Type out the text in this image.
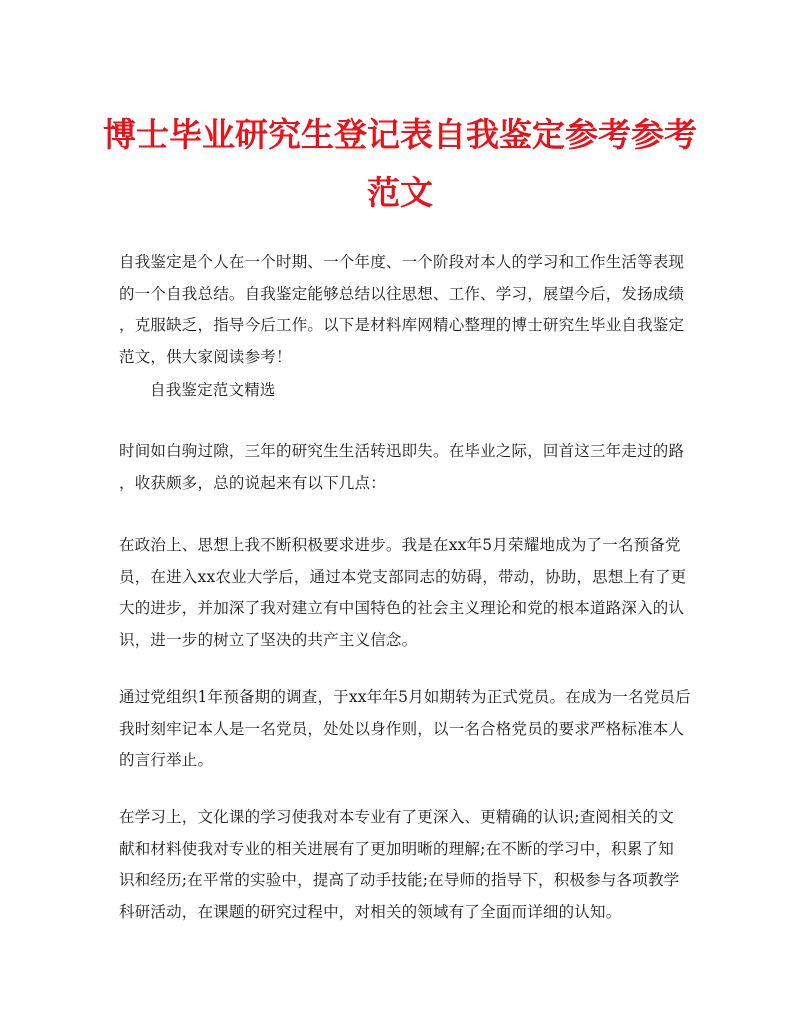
博士毕业研究生登记表自我鉴定参考参考
范文
自我鉴定是个人在一个时期、一个年度、一个阶段对本人的学习和工作生活等表现
的一个自我总结。自我鉴定能够总结以往思想、工作、学习，展望今后，发扬成绩
，克服缺乏，指导今后工作。以下是材料库网精心整理的博士研究生毕业自我鉴定
范文，供大家阅读参考！
自我鉴定范文精选
时间如白驹过隙，三年的研究生生活转迅即失。在毕业之际，回首这三年走过的路
，收获颇多，总的说起来有以下几点：
在政治上、思想上我不断积极要求进步。我是在xx年5月荣耀地成为了一名预备党
员，在进入xx农业大学后，通过本党支部同志的妨碍，带动，协助，思想上有了更
大的进步，并加深了我对建立有中国特色的社会主义理论和党的根本道路深入的认
识，进一步的树立了坚决的共产主义信念。
通过党组织1年预备期的调查，于xx年年5月如期转为正式党员。在成为一名党员后
我时刻牢记本人是一名党员，处处以身作则，以一名合格党员的要求严格标准本人
的言行举止。
在学习上，文化课的学习使我对本专业有了更深入、更精确的认识;查阅相关的文
献和材料使我对专业的相关进展有了更加明晰的理解;在不断的学习中，积累了知
识和经历;在平常的实验中，提高了动手技能;在导师的指导下，积极参与各项教学
科研活动，在课题的研究过程中，对相关的领域有了全面而详细的认知。
